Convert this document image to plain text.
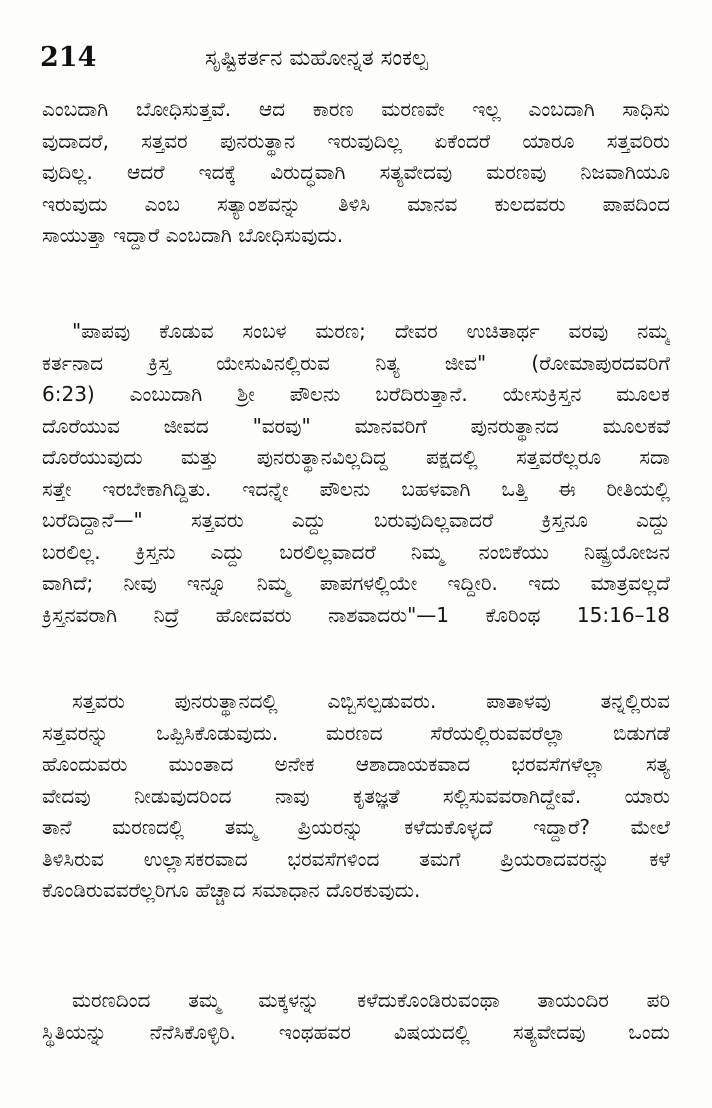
214	ಸೃಷ್ಟಿಕರ್ತನ ಮಹೋನ್ನತ ಸಂಕಲ್ಪ
ಎಂಬದಾಗಿ ಬೋಧಿಸುತ್ತವೆ. ಆದ ಕಾರಣ ಮರಣವೇ ಇಲ್ಲ ಎಂಬದಾಗಿ ಸಾಧಿಸು
ವುದಾದರೆ, ಸತ್ತವರ ಪುನರುತ್ಥಾನ ಇರುವುದಿಲ್ಲ ಏಕೆಂದರೆ ಯಾರೂ ಸತ್ತವರಿರು
ವುದಿಲ್ಲ. ಆದರೆ ಇದಕ್ಕೆ ವಿರುದ್ಧವಾಗಿ ಸತ್ಯವೇದವು ಮರಣವು ನಿಜವಾಗಿಯೂ
ಇರುವುದು ಎಂಬ ಸತ್ಯಾಂಶವನ್ನು ತಿಳಿಸಿ ಮಾನವ ಕುಲದವರು ಪಾಪದಿಂದ
ಸಾಯುತ್ತಾ ಇದ್ದಾರೆ ಎಂಬದಾಗಿ ಬೋಧಿಸುವುದು.
"ಪಾಪವು ಕೊಡುವ ಸಂಬಳ ಮರಣ; ದೇವರ ಉಚಿತಾರ್ಥ ವರವು ನಮ್ಮ
ಕರ್ತನಾದ ಕ್ರಿಸ್ತ ಯೇಸುವಿನಲ್ಲಿರುವ ನಿತ್ಯ ಜೀವ" (ರೋಮಾಪುರದವರಿಗೆ
6:23) ಎಂಬುದಾಗಿ ಶ್ರೀ ಪೌಲನು ಬರೆದಿರುತ್ತಾನೆ. ಯೇಸುಕ್ರಿಸ್ತನ ಮೂಲಕ
ದೊರೆಯುವ ಜೀವದ "ವರವು" ಮಾನವರಿಗೆ ಪುನರುತ್ಥಾನದ ಮೂಲಕವೆ
ದೊರೆಯುವುದು ಮತ್ತು ಪುನರುತ್ಥಾನವಿಲ್ಲದಿದ್ದ ಪಕ್ಷದಲ್ಲಿ ಸತ್ತವರೆಲ್ಲರೂ ಸದಾ
ಸತ್ತೇ ಇರಬೇಕಾಗಿದ್ದಿತು. ಇದನ್ನೇ ಪೌಲನು ಬಹಳವಾಗಿ ಒತ್ತಿ ಈ ರೀತಿಯಲ್ಲಿ
ಬರೆದಿದ್ದಾನೆ—" ಸತ್ತವರು ಎದ್ದು ಬರುವುದಿಲ್ಲವಾದರೆ ಕ್ರಿಸ್ತನೂ ಎದ್ದು
ಬರಲಿಲ್ಲ. ಕ್ರಿಸ್ತನು ಎದ್ದು ಬರಲಿಲ್ಲವಾದರೆ ನಿಮ್ಮ ನಂಬಿಕೆಯು ನಿಷ್ಪ್ರಯೋಜನ
ವಾಗಿದೆ; ನೀವು ಇನ್ನೂ ನಿಮ್ಮ ಪಾಪಗಳಲ್ಲಿಯೇ ಇದ್ದೀರಿ. ಇದು ಮಾತ್ರವಲ್ಲದೆ
ಕ್ರಿಸ್ತನವರಾಗಿ ನಿದ್ರೆ ಹೋದವರು ನಾಶವಾದರು"—1 ಕೊರಿಂಥ 15:16–18
ಸತ್ತವರು ಪುನರುತ್ಥಾನದಲ್ಲಿ ಎಬ್ಬಿಸಲ್ಪಡುವರು. ಪಾತಾಳವು ತನ್ನಲ್ಲಿರುವ
ಸತ್ತವರನ್ನು ಒಪ್ಪಿಸಿಕೊಡುವುದು. ಮರಣದ ಸೆರೆಯಲ್ಲಿರುವವರೆಲ್ಲಾ ಬಿಡುಗಡೆ
ಹೊಂದುವರು ಮುಂತಾದ ಅನೇಕ ಆಶಾದಾಯಕವಾದ ಭರವಸೆಗಳೆಲ್ಲಾ ಸತ್ಯ
ವೇದವು ನೀಡುವುದರಿಂದ ನಾವು ಕೃತಜ್ಞತೆ ಸಲ್ಲಿಸುವವರಾಗಿದ್ದೇವೆ. ಯಾರು
ತಾನೆ ಮರಣದಲ್ಲಿ ತಮ್ಮ ಪ್ರಿಯರನ್ನು ಕಳೆದುಕೊಳ್ಳದೆ ಇದ್ದಾರೆ? ಮೇಲೆ
ತಿಳಿಸಿರುವ ಉಲ್ಲಾಸಕರವಾದ ಭರವಸೆಗಳಿಂದ ತಮಗೆ ಪ್ರಿಯರಾದವರನ್ನು ಕಳೆ
ಕೊಂಡಿರುವವರೆಲ್ಲರಿಗೂ ಹೆಚ್ಚಾದ ಸಮಾಧಾನ ದೊರಕುವುದು.
ಮರಣದಿಂದ ತಮ್ಮ ಮಕ್ಕಳನ್ನು ಕಳೆದುಕೊಂಡಿರುವಂಥಾ ತಾಯಂದಿರ ಪರಿ
ಸ್ಥಿತಿಯನ್ನು ನೆನೆಸಿಕೊಳ್ಳಿರಿ. ಇಂಥಹವರ ವಿಷಯದಲ್ಲಿ ಸತ್ಯವೇದವು ಒಂದು
